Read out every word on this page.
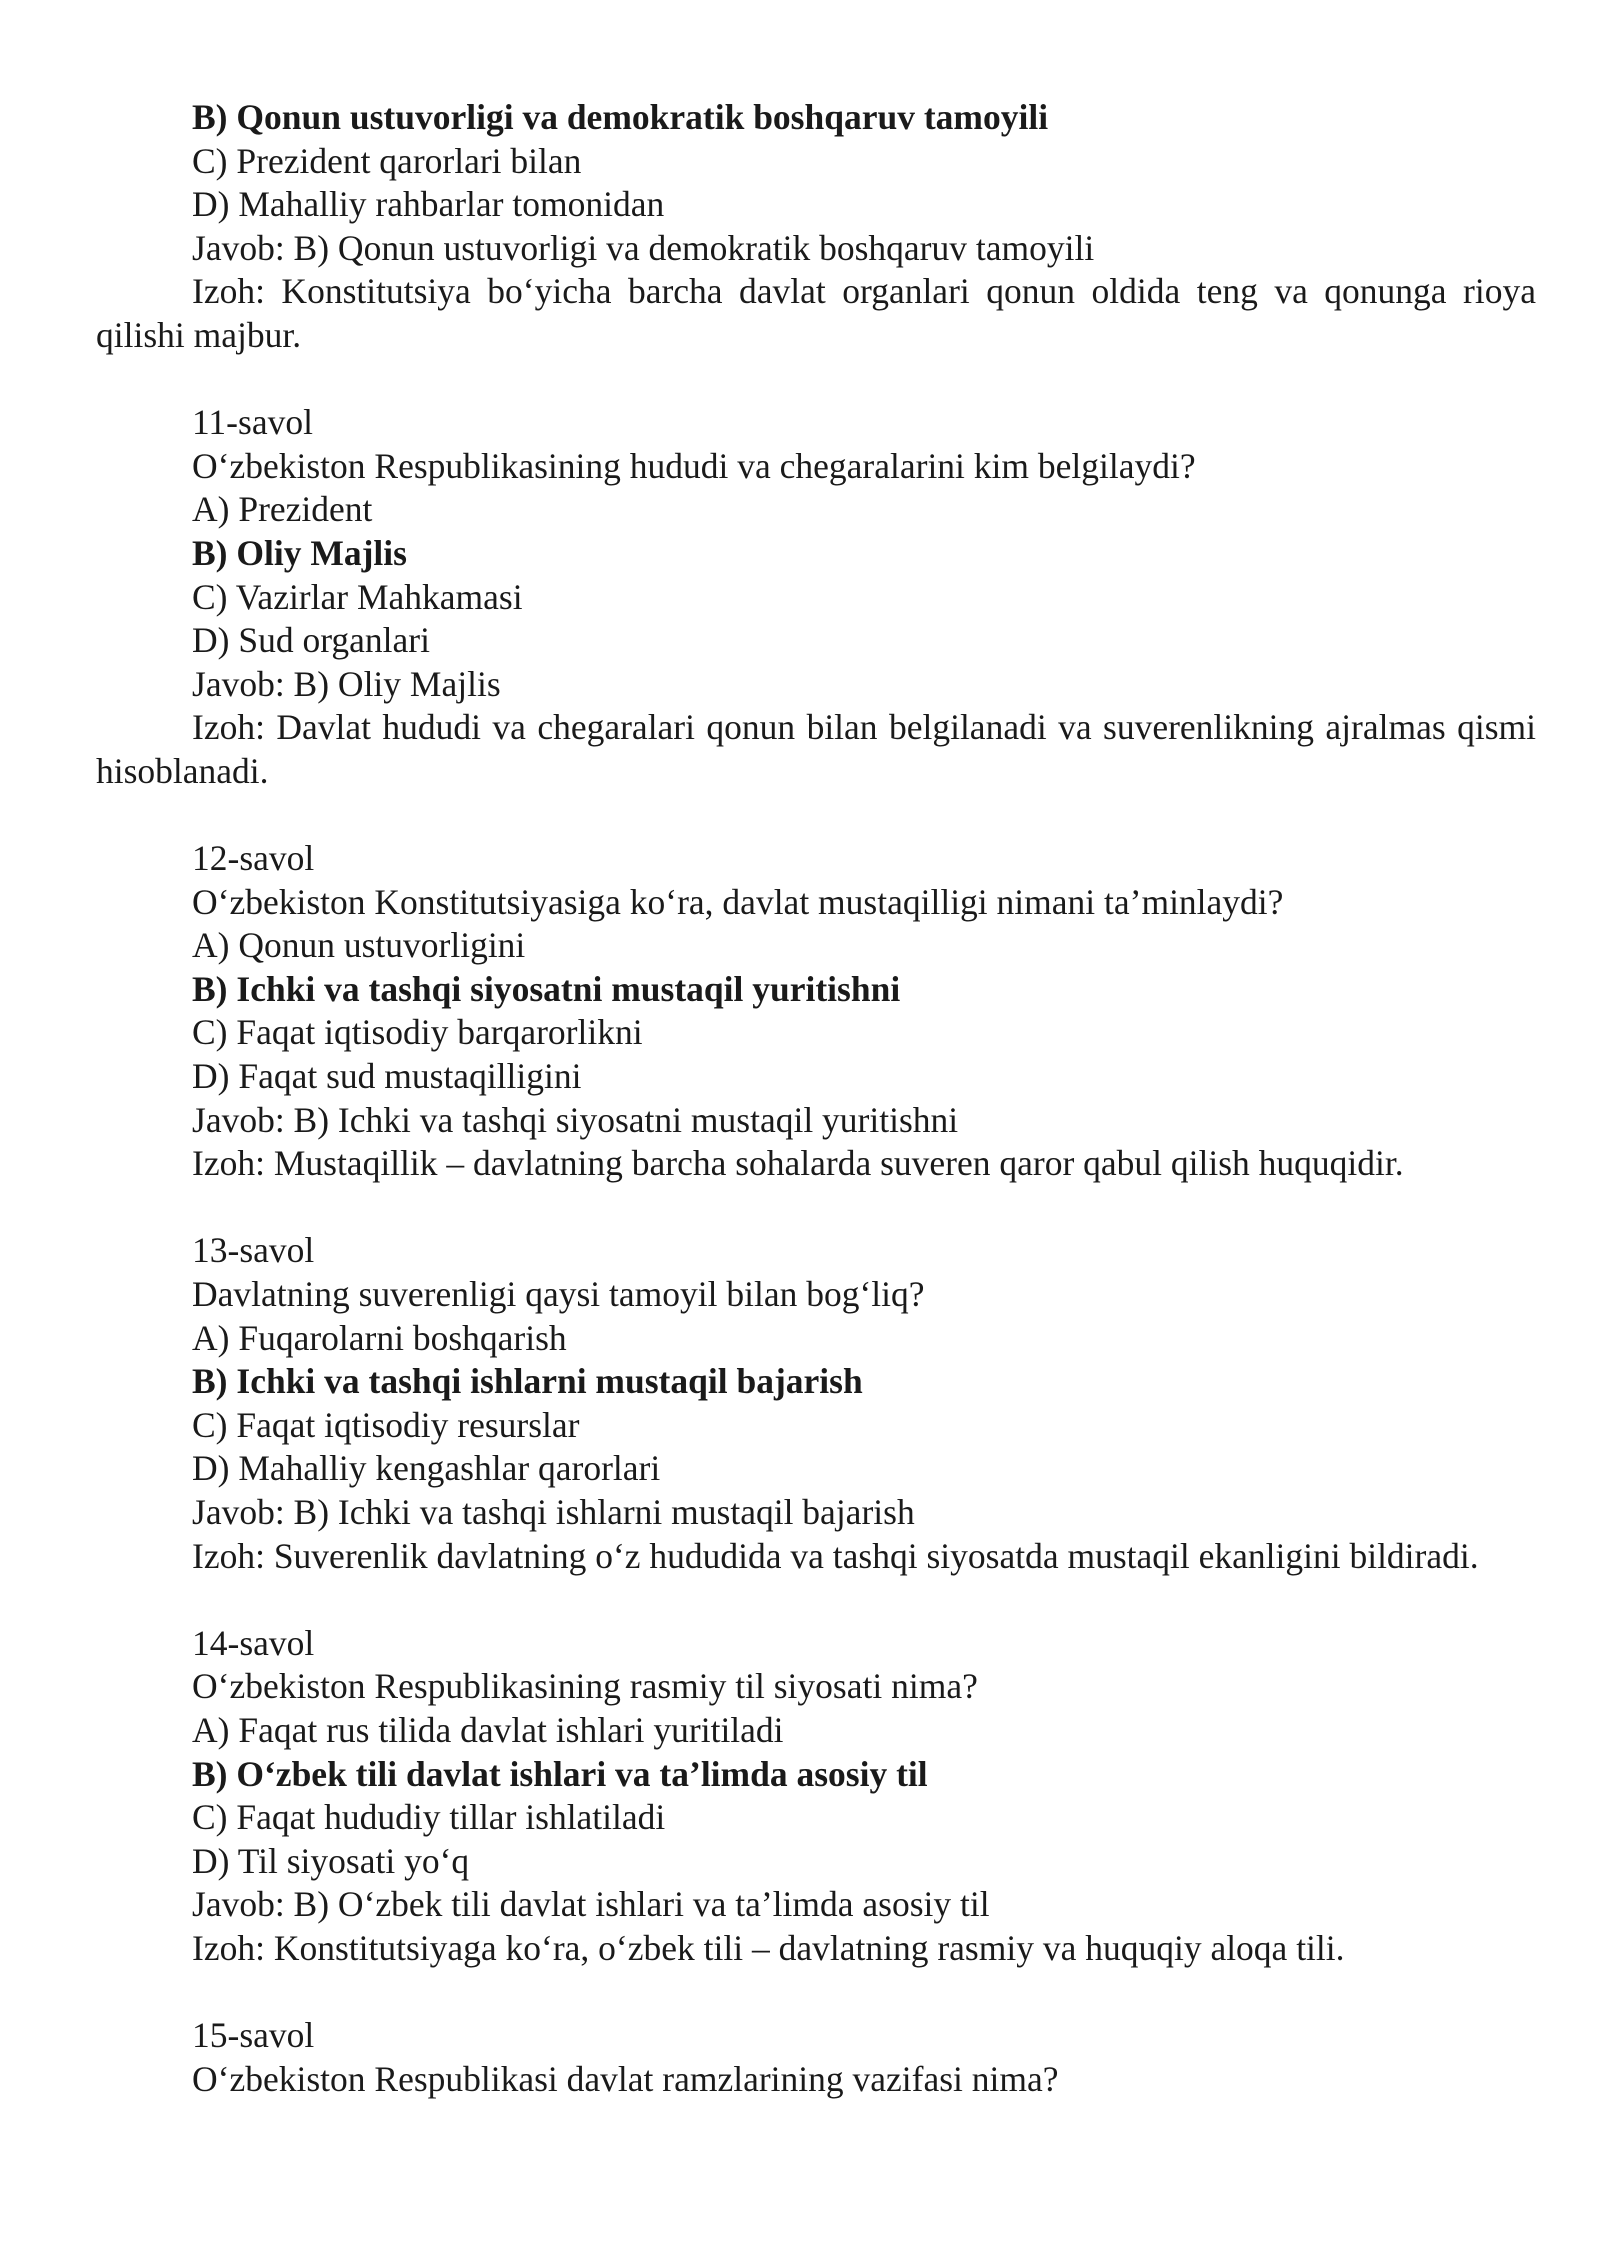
B) Qonun ustuvorligi va demokratik boshqaruv tamoyili
C) Prezident qarorlari bilan
D) Mahalliy rahbarlar tomonidan
Javob: B) Qonun ustuvorligi va demokratik boshqaruv tamoyili

Izoh: Konstitutsiya bo‘yicha barcha davlat organlari qonun oldida teng va qonunga rioya qilishi majbur.

11-savol
O‘zbekiston Respublikasining hududi va chegaralarini kim belgilaydi?
A) Prezident
B) Oliy Majlis
C) Vazirlar Mahkamasi
D) Sud organlari
Javob: B) Oliy Majlis

Izoh: Davlat hududi va chegaralari qonun bilan belgilanadi va suverenlikning ajralmas qismi hisoblanadi.

12-savol
O‘zbekiston Konstitutsiyasiga ko‘ra, davlat mustaqilligi nimani ta’minlaydi?
A) Qonun ustuvorligini
B) Ichki va tashqi siyosatni mustaqil yuritishni
C) Faqat iqtisodiy barqarorlikni
D) Faqat sud mustaqilligini
Javob: B) Ichki va tashqi siyosatni mustaqil yuritishni
Izoh: Mustaqillik – davlatning barcha sohalarda suveren qaror qabul qilish huquqidir.
13-savol
Davlatning suverenligi qaysi tamoyil bilan bog‘liq?
A) Fuqarolarni boshqarish
B) Ichki va tashqi ishlarni mustaqil bajarish
C) Faqat iqtisodiy resurslar
D) Mahalliy kengashlar qarorlari
Javob: B) Ichki va tashqi ishlarni mustaqil bajarish

Izoh: Suverenlik davlatning o‘z hududida va tashqi siyosatda mustaqil ekanligini bildiradi.

14-savol
O‘zbekiston Respublikasining rasmiy til siyosati nima?
A) Faqat rus tilida davlat ishlari yuritiladi
B) O‘zbek tili davlat ishlari va ta’limda asosiy til
C) Faqat hududiy tillar ishlatiladi
D) Til siyosati yo‘q
Javob: B) O‘zbek tili davlat ishlari va ta’limda asosiy til
Izoh: Konstitutsiyaga ko‘ra, o‘zbek tili – davlatning rasmiy va huquqiy aloqa tili.
15-savol
O‘zbekiston Respublikasi davlat ramzlarining vazifasi nima?
